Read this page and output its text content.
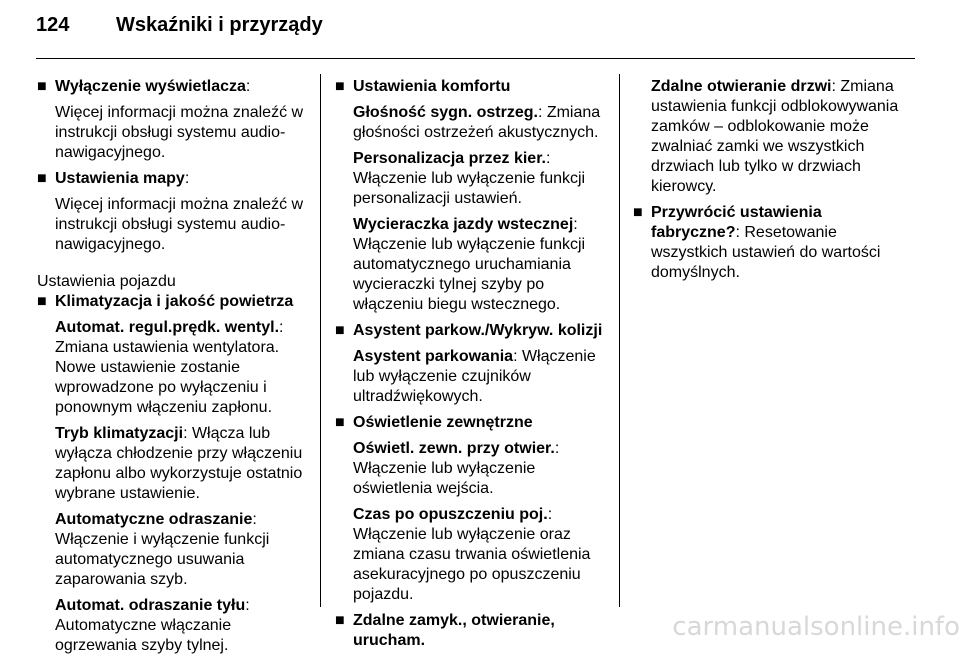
124 Wskaźniki i przyrządy
■ Wyłączenie wyświetlacza:
Więcej informacji można znaleźć w instrukcji obsługi systemu audio-nawigacyjnego.
■ Ustawienia mapy:
Więcej informacji można znaleźć w instrukcji obsługi systemu audio-nawigacyjnego.
Ustawienia pojazdu
■ Klimatyzacja i jakość powietrza
Automat. regul.prędk. wentyl.: Zmiana ustawienia wentylatora. Nowe ustawienie zostanie wprowadzone po wyłączeniu i ponownym włączeniu zapłonu.
Tryb klimatyzacji: Włącza lub wyłącza chłodzenie przy włączeniu zapłonu albo wykorzystuje ostatnio wybrane ustawienie.
Automatyczne odraszanie: Włączenie i wyłączenie funkcji automatycznego usuwania zaparowania szyb.
Automat. odraszanie tyłu: Automatyczne włączanie ogrzewania szyby tylnej.
■ Ustawienia komfortu
Głośność sygn. ostrzeg.: Zmiana głośności ostrzeżeń akustycznych.
Personalizacja przez kier.: Włączenie lub wyłączenie funkcji personalizacji ustawień.
Wycieraczka jazdy wstecznej: Włączenie lub wyłączenie funkcji automatycznego uruchamiania wycieraczki tylnej szyby po włączeniu biegu wstecznego.
■ Asystent parkow./Wykryw. kolizji
Asystent parkowania: Włączenie lub wyłączenie czujników ultradźwiękowych.
■ Oświetlenie zewnętrzne
Oświetl. zewn. przy otwier.: Włączenie lub wyłączenie oświetlenia wejścia.
Czas po opuszczeniu poj.: Włączenie lub wyłączenie oraz zmiana czasu trwania oświetlenia asekuracyjnego po opuszczeniu pojazdu.
■ Zdalne zamyk., otwieranie, urucham.
Zdalne otwieranie drzwi: Zmiana ustawienia funkcji odblokowywania zamków – odblokowanie może zwalniać zamki we wszystkich drzwiach lub tylko w drzwiach kierowcy.
■ Przywrócić ustawienia fabryczne?: Resetowanie wszystkich ustawień do wartości domyślnych.
carmanualsonline.info
